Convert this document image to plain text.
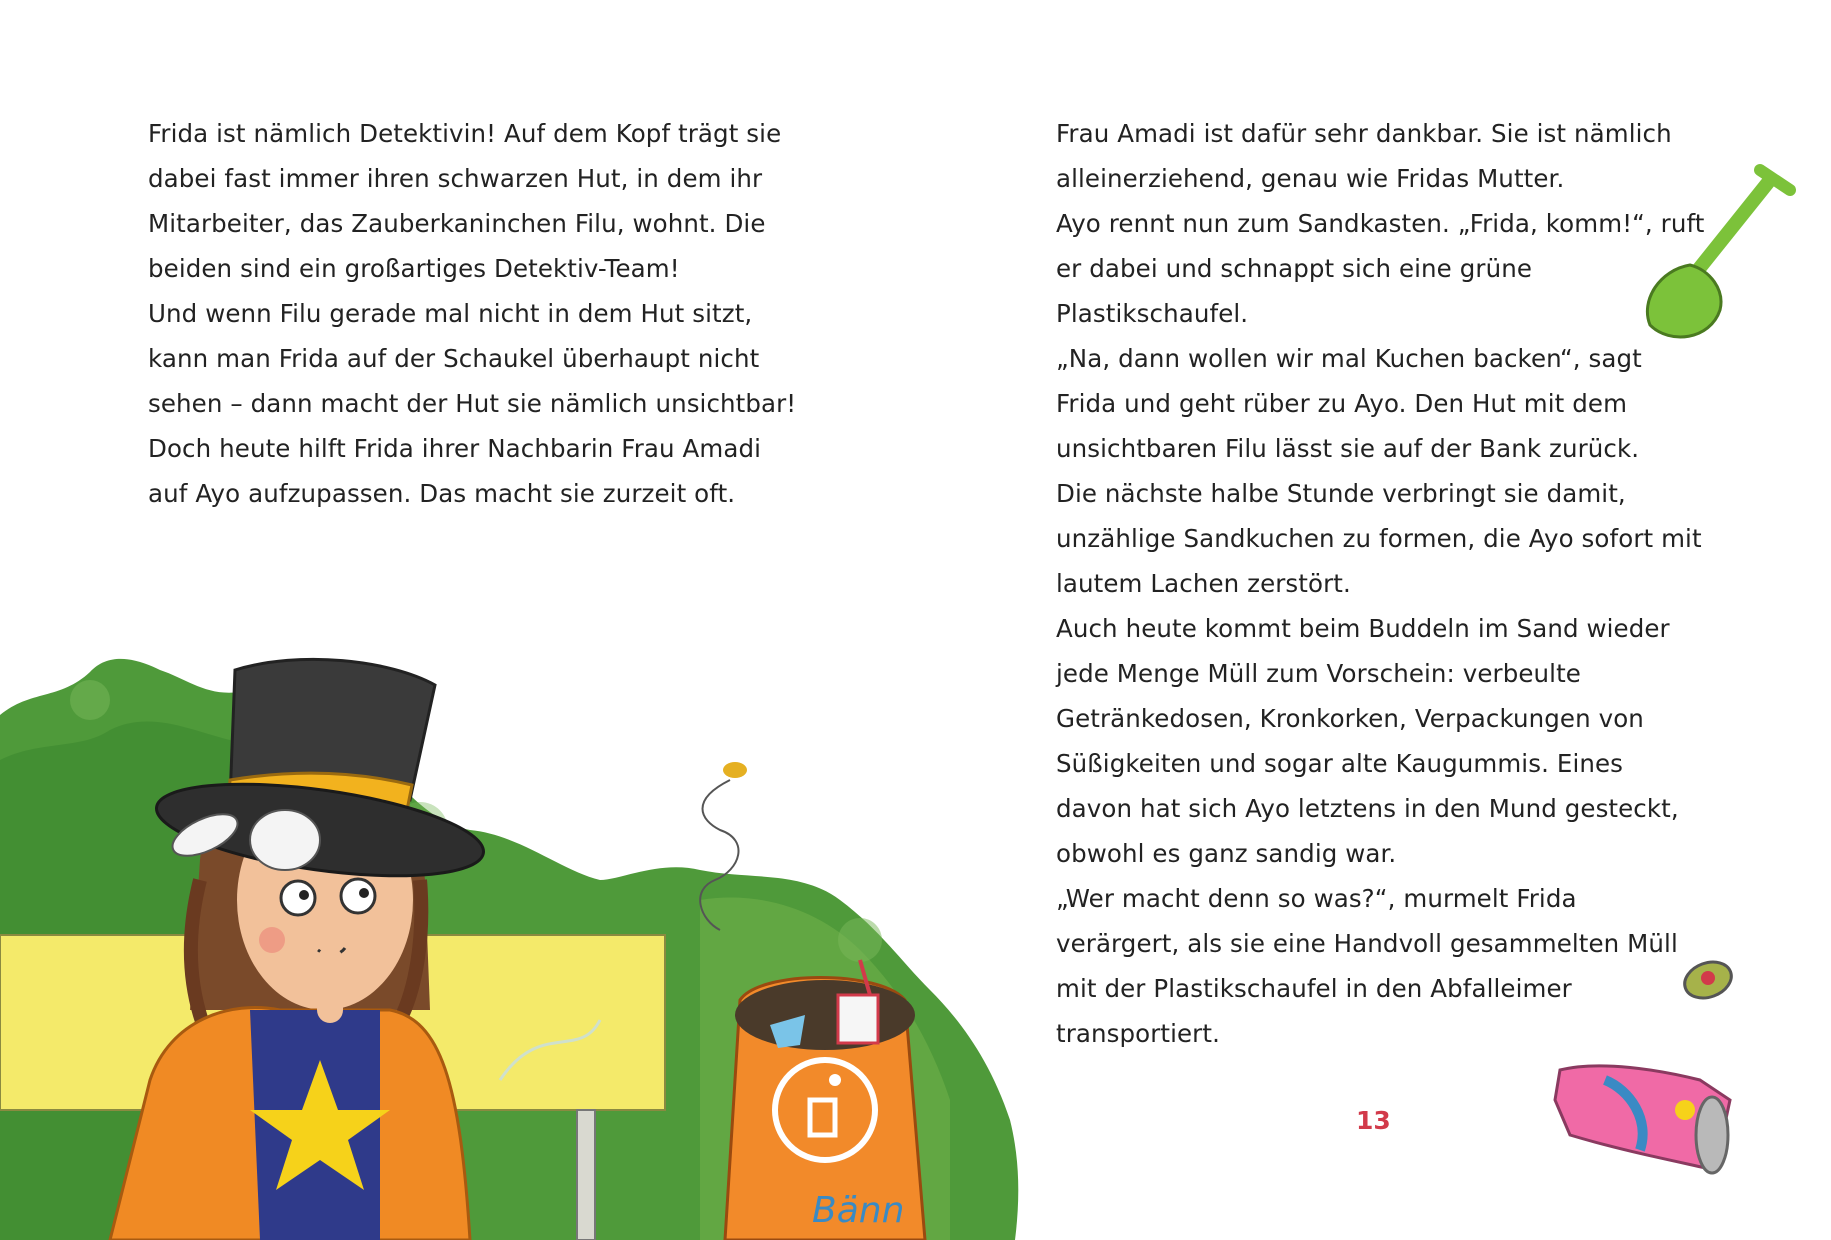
Bänn

Frida ist nämlich Detektivin! Auf dem Kopf trägt sie

dabei fast immer ihren schwarzen Hut, in dem ihr

Mitarbeiter, das Zauberkaninchen Filu, wohnt. Die

beiden sind ein großartiges Detektiv-Team!

Und wenn Filu gerade mal nicht in dem Hut sitzt,

kann man Frida auf der Schaukel überhaupt nicht

sehen – dann macht der Hut sie nämlich unsichtbar!

Doch heute hilft Frida ihrer Nachbarin Frau Amadi

auf Ayo aufzupassen. Das macht sie zurzeit oft.

Frau Amadi ist dafür sehr dankbar. Sie ist nämlich

alleinerziehend, genau wie Fridas Mutter.

Ayo rennt nun zum Sandkasten. „Frida, komm!“, ruft

er dabei und schnappt sich eine grüne

Plastikschaufel.

„Na, dann wollen wir mal Kuchen backen“, sagt

Frida und geht rüber zu Ayo. Den Hut mit dem

unsichtbaren Filu lässt sie auf der Bank zurück.

Die nächste halbe Stunde verbringt sie damit,

unzählige Sandkuchen zu formen, die Ayo sofort mit

lautem Lachen zerstört.

Auch heute kommt beim Buddeln im Sand wieder

jede Menge Müll zum Vorschein: verbeulte

Getränkedosen, Kronkorken, Verpackungen von

Süßigkeiten und sogar alte Kaugummis. Eines

davon hat sich Ayo letztens in den Mund gesteckt,

obwohl es ganz sandig war.

„Wer macht denn so was?“, murmelt Frida

verärgert, als sie eine Handvoll gesammelten Müll

mit der Plastikschaufel in den Abfalleimer

transportiert.

13
